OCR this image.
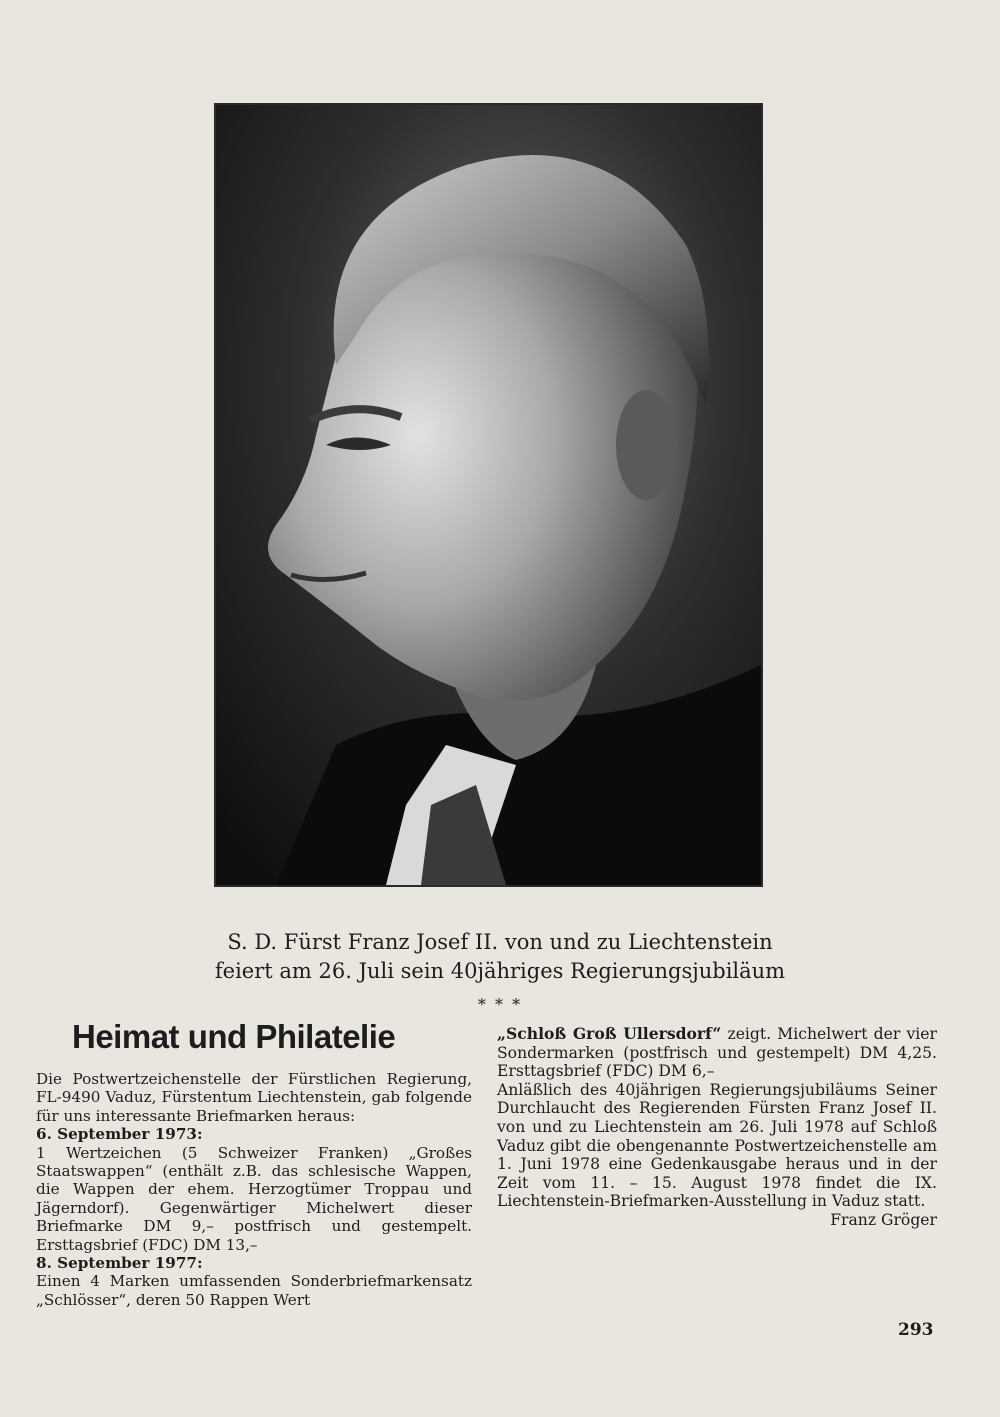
S. D. Fürst Franz Josef II. von und zu Liechtenstein
feiert am 26. Juli sein 40jähriges Regierungsjubiläum
* * *
Heimat und Philatelie

Die Postwertzeichenstelle der Fürstlichen Regierung, FL-9490 Vaduz, Fürstentum Liechtenstein, gab folgende für uns interessante Briefmarken heraus:

6. September 1973:

1 Wertzeichen (5 Schweizer Franken) „Großes Staatswappen“ (enthält z.B. das schlesische Wappen, die Wappen der ehem. Herzogtümer Troppau und Jägerndorf). Gegenwärtiger Michelwert dieser Briefmarke DM 9,– postfrisch und gestempelt. Ersttagsbrief (FDC) DM 13,–

8. September 1977:

Einen 4 Marken umfassenden Sonderbriefmarkensatz „Schlösser“, deren 50 Rappen Wert

„Schloß Groß Ullersdorf“ zeigt. Michelwert der vier Sondermarken (postfrisch und gestempelt) DM 4,25. Ersttagsbrief (FDC) DM 6,–

Anläßlich des 40jährigen Regierungsjubiläums Seiner Durchlaucht des Regierenden Fürsten Franz Josef II. von und zu Liechtenstein am 26. Juli 1978 auf Schloß Vaduz gibt die obengenannte Postwertzeichenstelle am 1. Juni 1978 eine Gedenkausgabe heraus und in der Zeit vom 11. – 15. August 1978 findet die IX. Liechtenstein-Briefmarken-Ausstellung in Vaduz statt.

Franz Gröger

293
